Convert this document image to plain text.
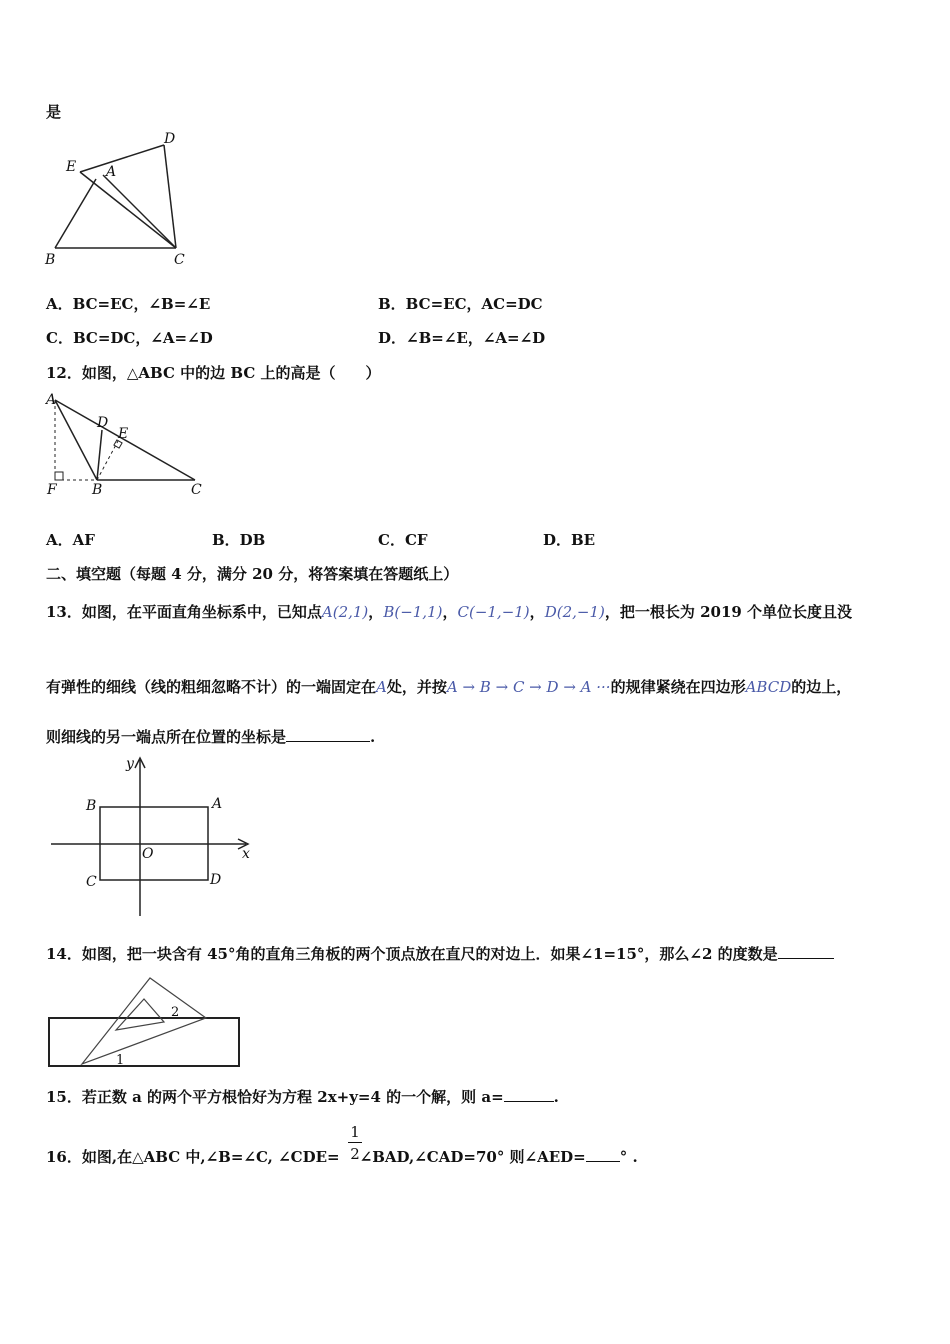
是
D
E A
B	C
A．BC=EC，∠B=∠E	B．BC=EC，AC=DC
C．BC=DC，∠A=∠D	D．∠B=∠E，∠A=∠D
12．如图，△ABC 中的边 BC 上的高是（　　）
A
D
E
F	B	C
A．AF	B．DB	C．CF	D．BE
二、填空题（每题 4 分，满分 20 分，将答案填在答题纸上）
13．如图，在平面直角坐标系中，已知点A(2,1)，B(−1,1)，C(−1,−1)，D(2,−1)，把一根长为 2019 个单位长度且没
有弹性的细线（线的粗细忽略不计）的一端固定在A处，并按A → B → C → D → A ···的规律紧绕在四边形ABCD的边上，
则细线的另一端点所在位置的坐标是	.
y
B	A
O	x
C	D
14．如图，把一块含有 45°角的直角三角板的两个顶点放在直尺的对边上．如果∠1=15°，那么∠2 的度数是
2
1
15．若正数 a 的两个平方根恰好为方程 2x+y=4 的一个解，则 a=	.
16．如图,在△ABC 中,∠B=∠C, ∠CDE= ∠BAD,∠CAD=70° 则∠AED= ° .
1
2
